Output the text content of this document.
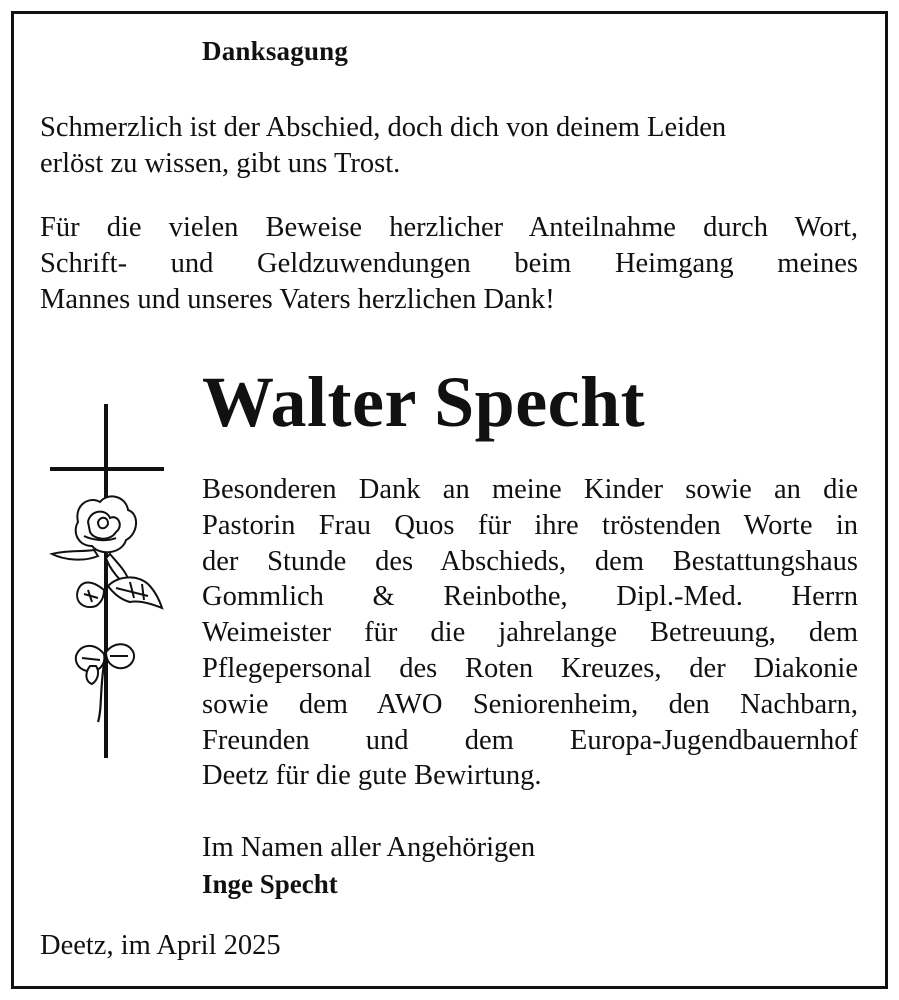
Danksagung

Schmerzlich ist der Abschied, doch dich von deinem Leiden
erlöst zu wissen, gibt uns Trost.

Für die vielen Beweise herzlicher Anteilnahme durch Wort,
Schrift- und Geldzuwendungen beim Heimgang meines
Mannes und unseres Vaters herzlichen Dank!

Walter Specht

Besonderen Dank an meine Kinder sowie an die
Pastorin Frau Quos für ihre tröstenden Worte in
der Stunde des Abschieds, dem Bestattungshaus
Gommlich & Reinbothe, Dipl.-Med. Herrn
Weimeister für die jahrelange Betreuung, dem
Pflegepersonal des Roten Kreuzes, der Diakonie
sowie dem AWO Seniorenheim, den Nachbarn,
Freunden und dem Europa-Jugendbauernhof
Deetz für die gute Bewirtung.

Im Namen aller Angehörigen

Inge Specht

Deetz, im April 2025
